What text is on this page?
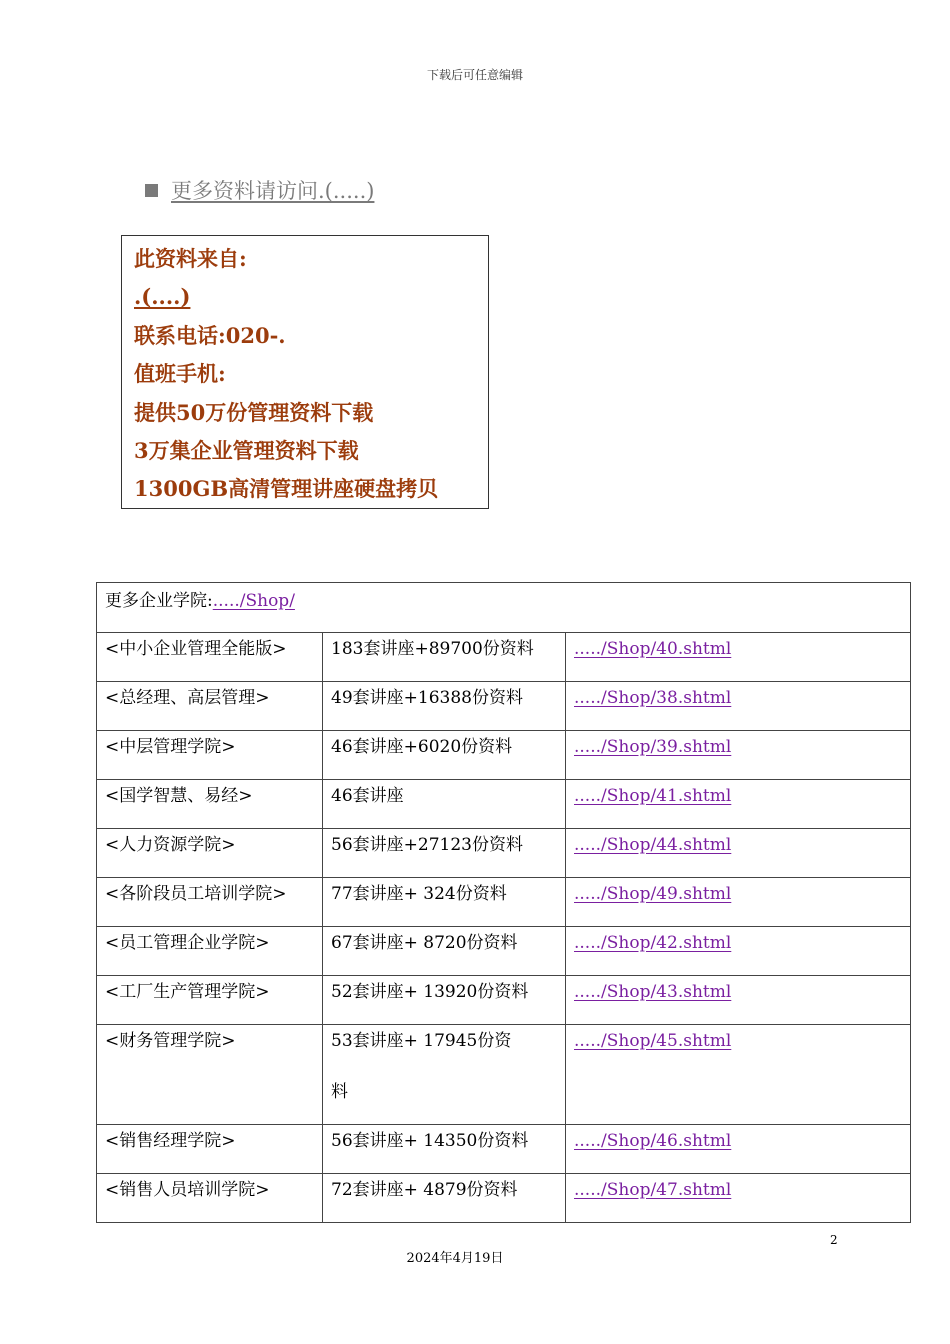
下载后可任意编辑
更多资料请访问.(.....)
此资料来自:
.(....)
联系电话:020-.
值班手机:
提供50万份管理资料下载
3万集企业管理资料下载
1300GB高清管理讲座硬盘拷贝
更多企业学院:...../Shop/		
<中小企业管理全能版>	183套讲座+89700份资料	...../Shop/40.shtml
<总经理、高层管理>	49套讲座+16388份资料	...../Shop/38.shtml
<中层管理学院>	46套讲座+6020份资料	...../Shop/39.shtml
<国学智慧、易经>	46套讲座	...../Shop/41.shtml
<人力资源学院>	56套讲座+27123份资料	...../Shop/44.shtml
<各阶段员工培训学院>	77套讲座+ 324份资料	...../Shop/49.shtml
<员工管理企业学院>	67套讲座+ 8720份资料	...../Shop/42.shtml
<工厂生产管理学院>	52套讲座+ 13920份资料	...../Shop/43.shtml
<财务管理学院>	53套讲座+ 17945份资料	...../Shop/45.shtml
<销售经理学院>	56套讲座+ 14350份资料	...../Shop/46.shtml
<销售人员培训学院>	72套讲座+ 4879份资料	...../Shop/47.shtml
2
2024年4月19日
